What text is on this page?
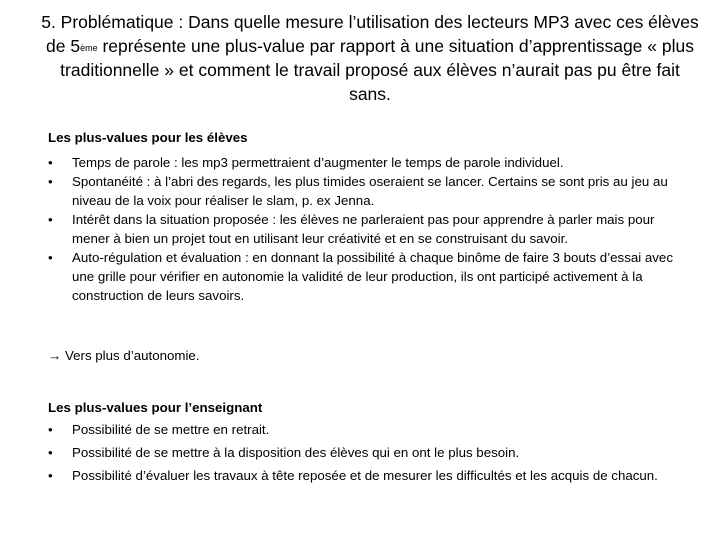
5. Problématique : Dans quelle mesure l’utilisation des lecteurs MP3 avec ces élèves de 5ème représente une plus-value par rapport à une situation d’apprentissage « plus traditionnelle » et comment le travail proposé aux élèves n’aurait pas pu être fait sans.
Les plus-values pour les élèves
•	Temps de parole : les mp3 permettraient d’augmenter le temps de parole individuel.
•	Spontanéité : à l’abri des regards, les plus timides oseraient se lancer. Certains se sont pris au jeu au niveau de la voix pour réaliser le slam, p. ex Jenna.
•	Intérêt dans la situation proposée : les élèves ne parleraient pas pour apprendre à parler mais pour mener à bien un projet tout en utilisant leur créativité et en se construisant du savoir.
•	Auto-régulation et évaluation : en donnant la possibilité à chaque binôme de faire 3 bouts d’essai avec une grille pour vérifier en autonomie la validité de leur production, ils ont participé activement à la construction de leurs savoirs.
→ Vers plus d’autonomie.
Les plus-values pour l’enseignant
•	Possibilité de se mettre en retrait.
•	Possibilité de se mettre à la disposition des élèves qui en ont le plus besoin.
•	Possibilité d’évaluer les travaux à tête reposée et de mesurer les difficultés et les acquis de chacun.
